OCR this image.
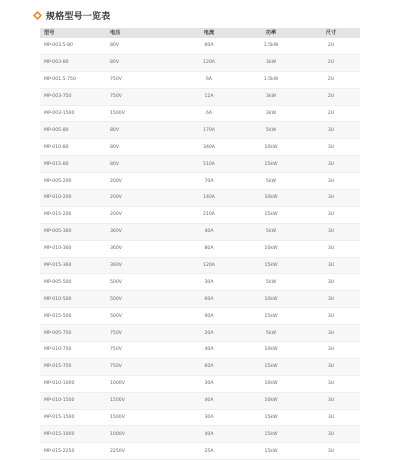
规格型号一览表
型号	电压	电流	功率	尺寸
MP-003.5-80	80V	60A	1.5kW	2U
MP-003-80	80V	120A	3kW	2U
MP-001.5-750	750V	6A	1.5kW	2U
MP-003-750	750V	12A	3kW	2U
MP-003-1500	1500V	6A	3kW	2U
MP-005-80	80V	170A	5kW	3U
MP-010-80	80V	340A	10kW	3U
MP-015-80	80V	510A	15kW	3U
MP-005-200	200V	70A	5kW	3U
MP-010-200	200V	140A	10kW	3U
MP-015-200	200V	210A	15kW	3U
MP-005-360	360V	40A	5kW	3U
MP-010-360	360V	80A	10kW	3U
MP-015-360	360V	120A	15kW	3U
MP-005-500	500V	30A	5kW	3U
MP-010-500	500V	60A	10kW	3U
MP-015-500	500V	90A	15kW	3U
MP-005-750	750V	20A	5kW	3U
MP-010-750	750V	40A	10kW	3U
MP-015-750	750V	60A	15kW	3U
MP-010-1000	1000V	30A	10kW	3U
MP-010-1500	1500V	40A	10kW	3U
MP-015-1500	1500V	30A	15kW	3U
MP-015-1000	1000V	40A	15kW	3U
MP-015-2250	2250V	25A	15kW	3U
